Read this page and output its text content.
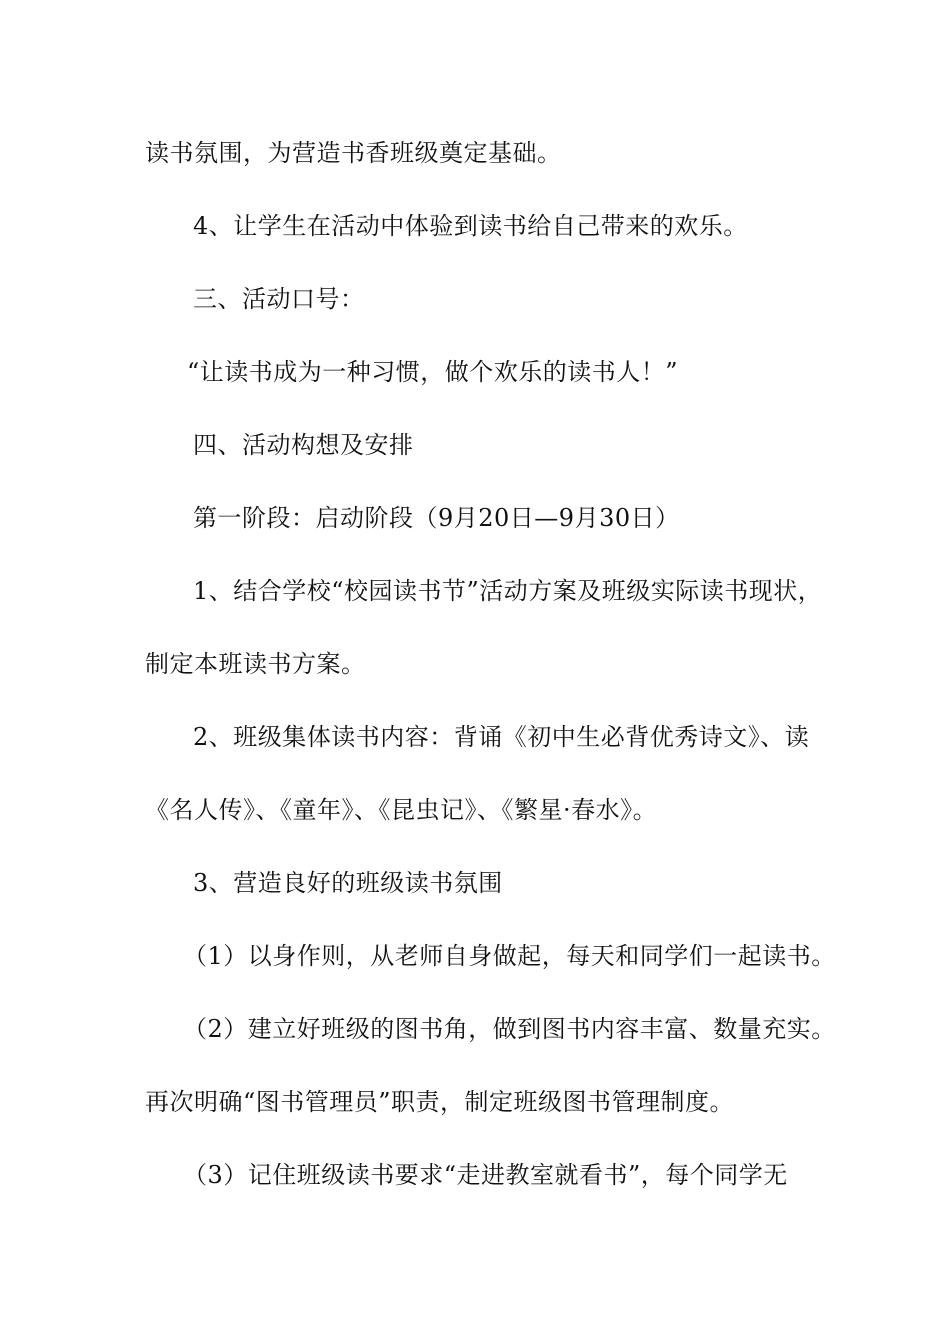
读书氛围，为营造书香班级奠定基础。
4、让学生在活动中体验到读书给自己带来的欢乐。
三、活动口号：
“让读书成为一种习惯，做个欢乐的读书人！”
四、活动构想及安排
第一阶段：启动阶段（9月20日—9月30日）
1、结合学校“校园读书节”活动方案及班级实际读书现状，
制定本班读书方案。
2、班级集体读书内容：背诵《初中生必背优秀诗文》、读
《名人传》、《童年》、《昆虫记》、《繁星·春水》。
3、营造良好的班级读书氛围
（1）以身作则，从老师自身做起，每天和同学们一起读书。
（2）建立好班级的图书角，做到图书内容丰富、数量充实。
再次明确“图书管理员”职责，制定班级图书管理制度。
（3）记住班级读书要求“走进教室就看书”，每个同学无
